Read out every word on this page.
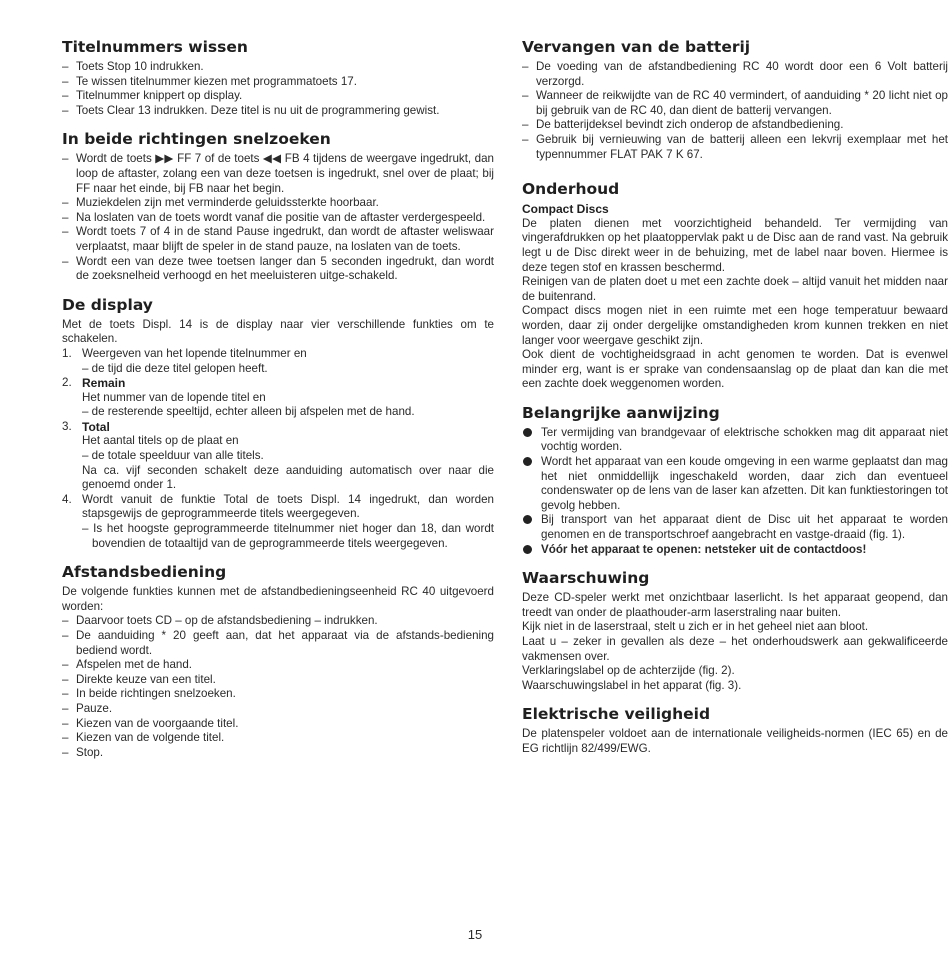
Titelnummers wissen
– Toets Stop 10 indrukken.
– Te wissen titelnummer kiezen met programmatoets 17.
– Titelnummer knippert op display.
– Toets Clear 13 indrukken. Deze titel is nu uit de programmering gewist.
In beide richtingen snelzoeken
– Wordt de toets ▶▶ FF 7 of de toets ◀◀ FB 4 tijdens de weergave ingedrukt, dan loop de aftaster, zolang een van deze toetsen is ingedrukt, snel over de plaat; bij FF naar het einde, bij FB naar het begin.
– Muziekdelen zijn met verminderde geluidssterkte hoorbaar.
– Na loslaten van de toets wordt vanaf die positie van de aftaster verdergespeeld.
– Wordt toets 7 of 4 in de stand Pause ingedrukt, dan wordt de aftaster weliswaar verplaatst, maar blijft de speler in de stand pauze, na loslaten van de toets.
– Wordt een van deze twee toetsen langer dan 5 seconden ingedrukt, dan wordt de zoeksnelheid verhoogd en het meeluisteren uitge-schakeld.
De display

Met de toets Displ. 14 is de display naar vier verschillende funkties om te schakelen.

1. Weergeven van het lopende titelnummer en
– de tijd die deze titel gelopen heeft.
2. Remain
Het nummer van de lopende titel en
– de resterende speeltijd, echter alleen bij afspelen met de hand.
3. Total
Het aantal titels op de plaat en
– de totale speelduur van alle titels.
Na ca. vijf seconden schakelt deze aanduiding automatisch over naar die genoemd onder 1.
4. Wordt vanuit de funktie Total de toets Displ. 14 ingedrukt, dan worden stapsgewijs de geprogrammeerde titels weergegeven.
– Is het hoogste geprogrammeerde titelnummer niet hoger dan 18, dan wordt bovendien de totaaltijd van de geprogrammeerde titels weergegeven.
Afstandsbediening

De volgende funkties kunnen met de afstandbedieningseenheid RC 40 uitgevoerd worden:

– Daarvoor toets CD – op de afstandsbediening – indrukken.
– De aanduiding * 20 geeft aan, dat het apparaat via de afstands-bediening bediend wordt.
– Afspelen met de hand.
– Direkte keuze van een titel.
– In beide richtingen snelzoeken.
– Pauze.
– Kiezen van de voorgaande titel.
– Kiezen van de volgende titel.
– Stop.
Vervangen van de batterij
– De voeding van de afstandbediening RC 40 wordt door een 6 Volt batterij verzorgd.
– Wanneer de reikwijdte van de RC 40 vermindert, of aanduiding * 20 licht niet op bij gebruik van de RC 40, dan dient de batterij vervangen.
– De batterijdeksel bevindt zich onderop de afstandbediening.
– Gebruik bij vernieuwing van de batterij alleen een lekvrij exemplaar met het typennummer FLAT PAK 7 K 67.
Onderhoud
Compact Discs

De platen dienen met voorzichtigheid behandeld. Ter vermijding van vingerafdrukken op het plaatoppervlak pakt u de Disc aan de rand vast. Na gebruik legt u de Disc direkt weer in de behuizing, met de label naar boven. Hiermee is deze tegen stof en krassen beschermd.

Reinigen van de platen doet u met een zachte doek – altijd vanuit het midden naar de buitenrand.

Compact discs mogen niet in een ruimte met een hoge temperatuur bewaard worden, daar zij onder dergelijke omstandigheden krom kunnen trekken en niet langer voor weergave geschikt zijn.

Ook dient de vochtigheidsgraad in acht genomen te worden. Dat is evenwel minder erg, want is er sprake van condensaanslag op de plaat dan kan die met een zachte doek weggenomen worden.

Belangrijke aanwijzing
Ter vermijding van brandgevaar of elektrische schokken mag dit apparaat niet vochtig worden.
Wordt het apparaat van een koude omgeving in een warme geplaatst dan mag het niet onmiddellijk ingeschakeld worden, daar zich dan eventueel condenswater op de lens van de laser kan afzetten. Dit kan funktiestoringen tot gevolg hebben.
Bij transport van het apparaat dient de Disc uit het apparaat te worden genomen en de transportschroef aangebracht en vastge-draaid (fig. 1).
Vóór het apparaat te openen: netsteker uit de contactdoos!
Waarschuwing

Deze CD-speler werkt met onzichtbaar laserlicht. Is het apparaat geopend, dan treedt van onder de plaathouder-arm laserstraling naar buiten.

Kijk niet in de laserstraal, stelt u zich er in het geheel niet aan bloot.

Laat u – zeker in gevallen als deze – het onderhoudswerk aan gekwalificeerde vakmensen over.

Verklaringslabel op de achterzijde (fig. 2).

Waarschuwingslabel in het apparat (fig. 3).

Elektrische veiligheid

De platenspeler voldoet aan de internationale veiligheids-normen (IEC 65) en de EG richtlijn 82/499/EWG.

15
